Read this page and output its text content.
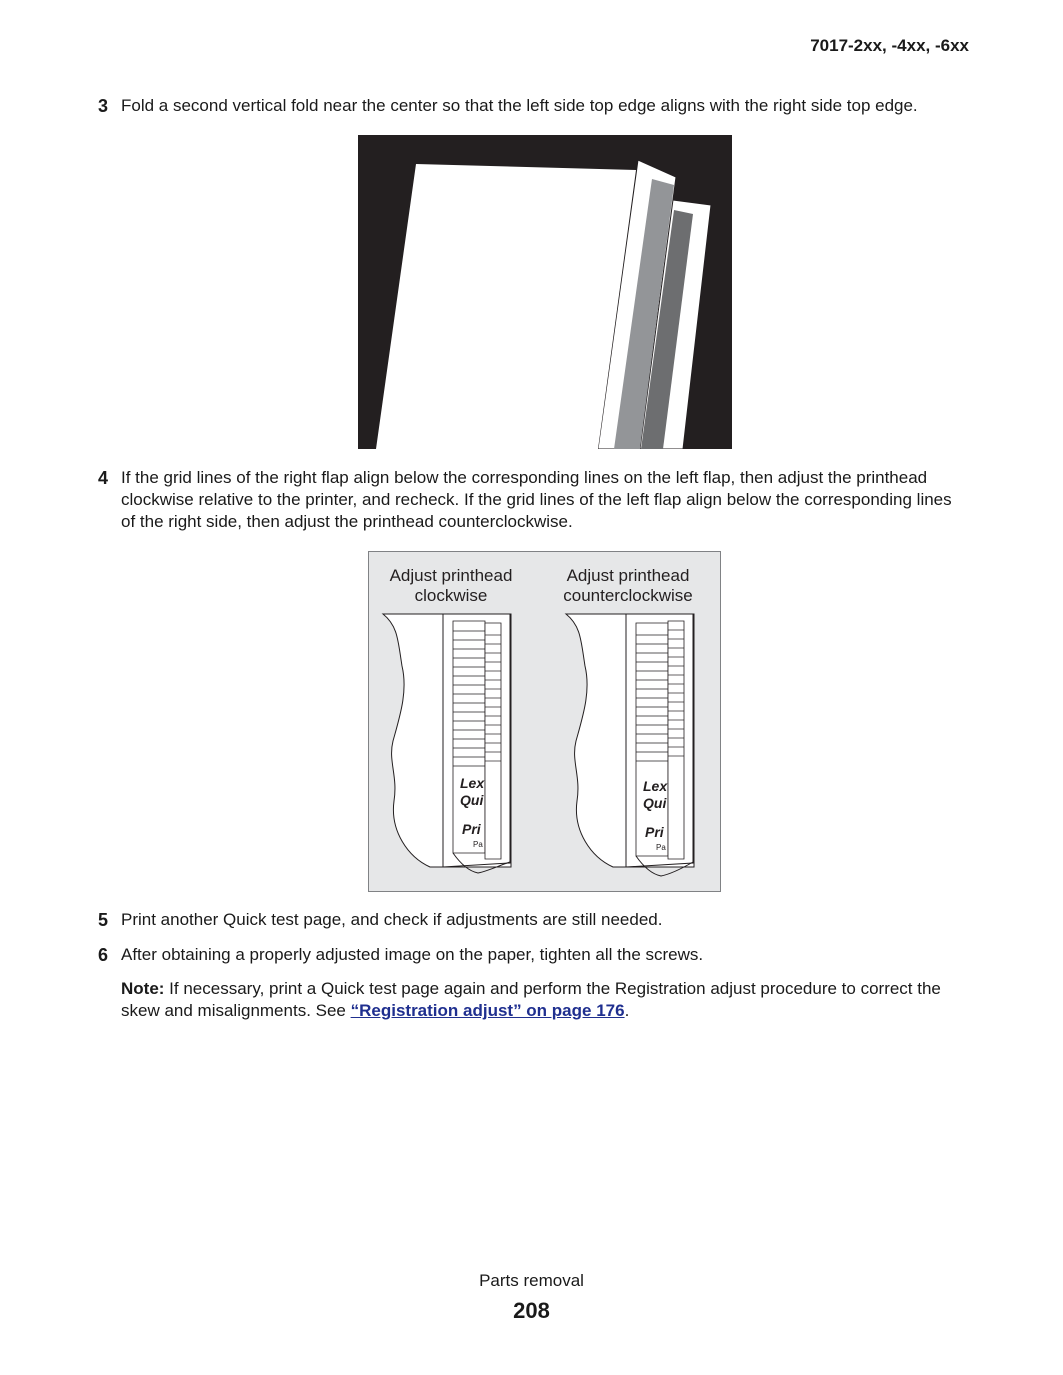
7017-2xx, -4xx, -6xx
3 Fold a second vertical fold near the center so that the left side top edge aligns with the right side top edge.
4 If the grid lines of the right flap align below the corresponding lines on the left flap, then adjust the printhead clockwise relative to the printer, and recheck. If the grid lines of the left flap align below the corresponding lines of the right side, then adjust the printhead counterclockwise.
Adjust printhead
clockwise
Adjust printhead
counterclockwise
Lex
Qui
Pri
Pa
Lex
Qui
Pri
Pa
5 Print another Quick test page, and check if adjustments are still needed.
6 After obtaining a properly adjusted image on the paper, tighten all the screws.
Note: If necessary, print a Quick test page again and perform the Registration adjust procedure to correct the skew and misalignments. See “Registration adjust” on page 176.
Parts removal
208
